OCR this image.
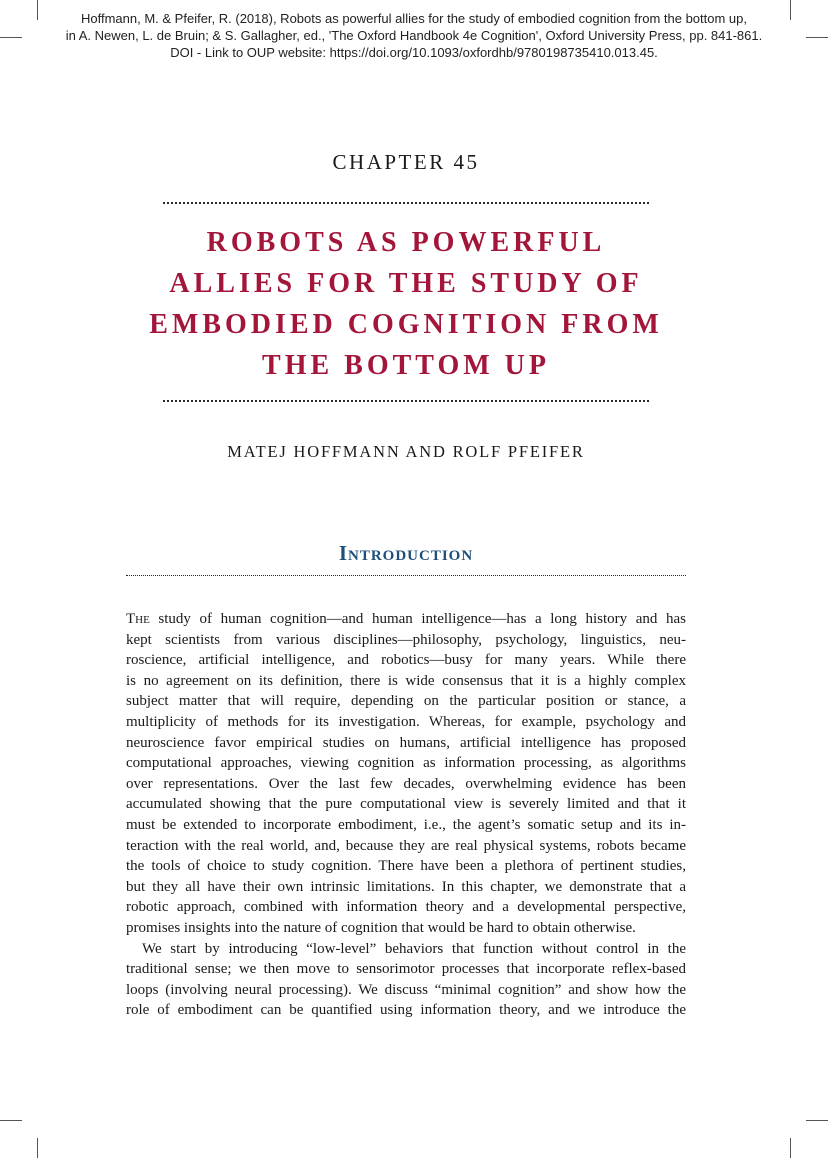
Hoffmann, M. & Pfeifer, R. (2018), Robots as powerful allies for the study of embodied cognition from the bottom up,
in A. Newen, L. de Bruin; & S. Gallagher, ed., 'The Oxford Handbook 4e Cognition', Oxford University Press, pp. 841-861.
DOI - Link to OUP website: https://doi.org/10.1093/oxfordhb/9780198735410.013.45.
CHAPTER 45
ROBOTS AS POWERFUL
ALLIES FOR THE STUDY OF
EMBODIED COGNITION FROM
THE BOTTOM UP
MATEJ HOFFMANN AND ROLF PFEIFER
Introduction
The study of human cognition—and human intelligence—has a long history and has
kept scientists from various disciplines—philosophy, psychology, linguistics, neu-
roscience, artificial intelligence, and robotics—busy for many years. While there
is no agreement on its definition, there is wide consensus that it is a highly complex
subject matter that will require, depending on the particular position or stance, a
multiplicity of methods for its investigation. Whereas, for example, psychology and
neuroscience favor empirical studies on humans, artificial intelligence has proposed
computational approaches, viewing cognition as information processing, as algorithms
over representations. Over the last few decades, overwhelming evidence has been
accumulated showing that the pure computational view is severely limited and that it
must be extended to incorporate embodiment, i.e., the agent’s somatic setup and its in-
teraction with the real world, and, because they are real physical systems, robots became
the tools of choice to study cognition. There have been a plethora of pertinent studies,
but they all have their own intrinsic limitations. In this chapter, we demonstrate that a
robotic approach, combined with information theory and a developmental perspective,
promises insights into the nature of cognition that would be hard to obtain otherwise.
We start by introducing “low-level” behaviors that function without control in the
traditional sense; we then move to sensorimotor processes that incorporate reflex-based
loops (involving neural processing). We discuss “minimal cognition” and show how the
role of embodiment can be quantified using information theory, and we introduce the
